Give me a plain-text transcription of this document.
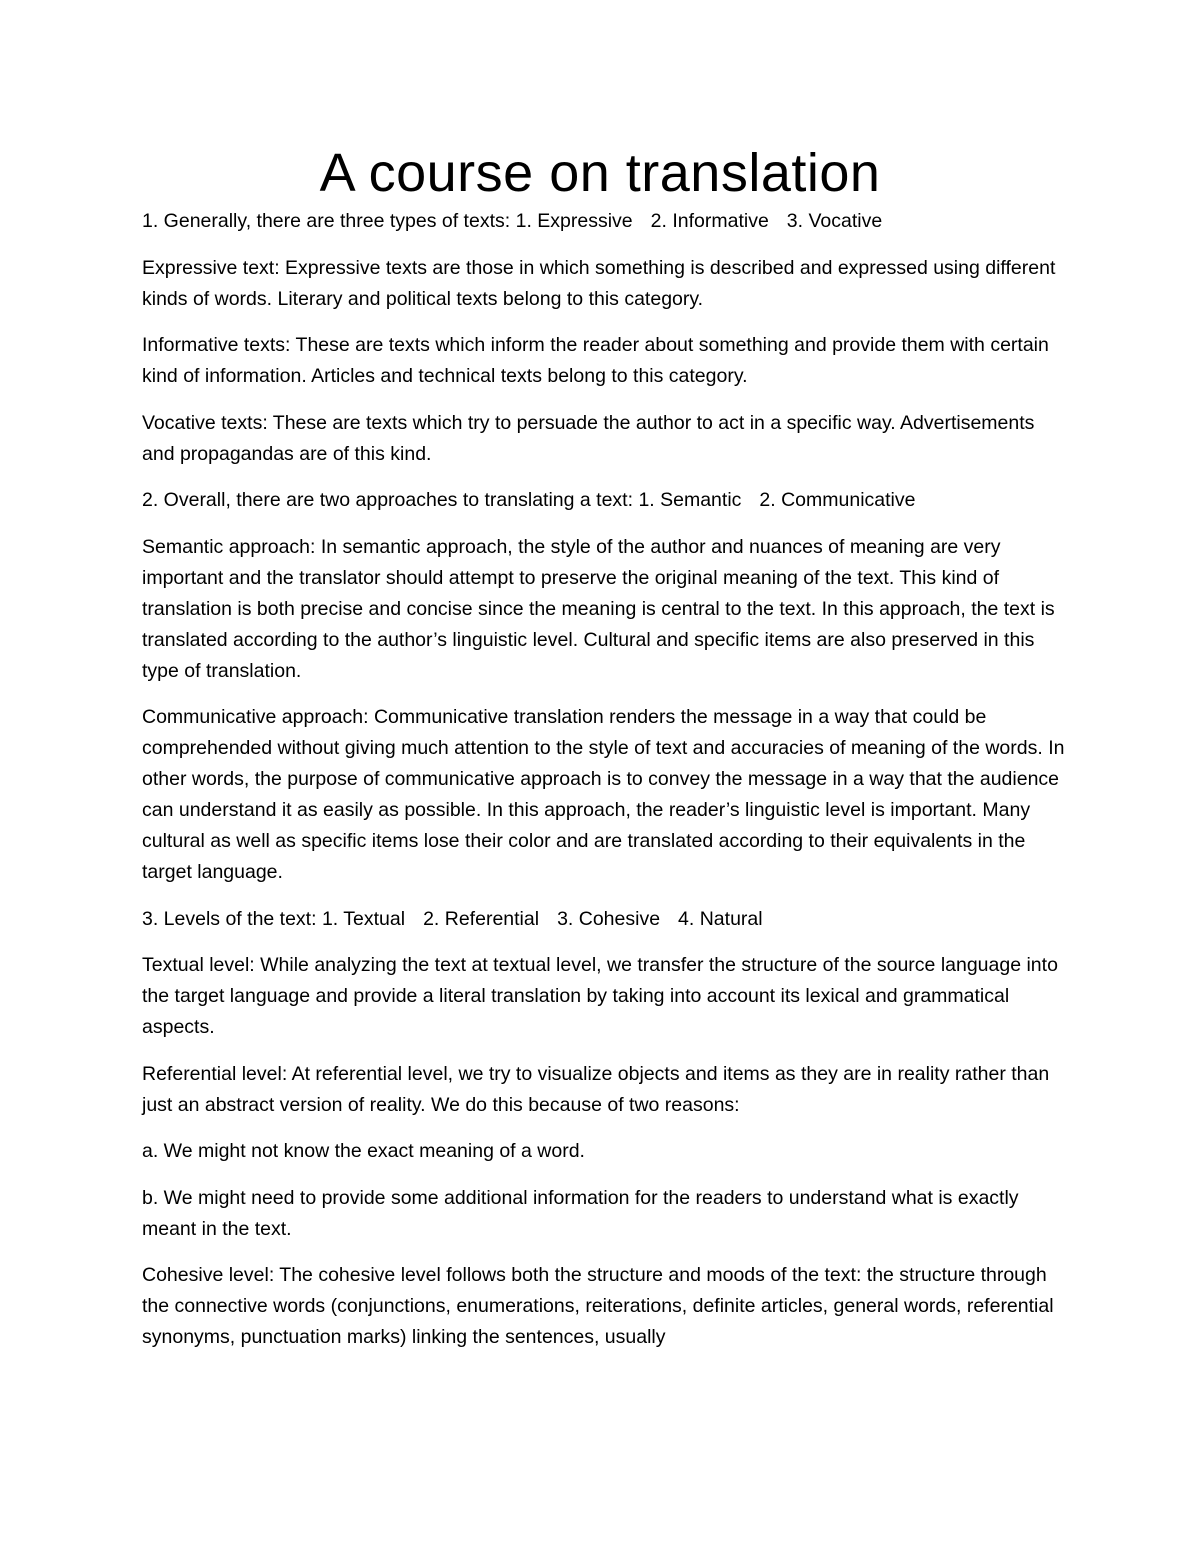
A course on translation

1. Generally, there are three types of texts: 1. Expressive 2. Informative 3. Vocative

Expressive text: Expressive texts are those in which something is described and expressed using different kinds of words. Literary and political texts belong to this category.

Informative texts: These are texts which inform the reader about something and provide them with certain kind of information. Articles and technical texts belong to this category.

Vocative texts: These are texts which try to persuade the author to act in a specific way. Advertisements and propagandas are of this kind.

2. Overall, there are two approaches to translating a text: 1. Semantic 2. Communicative

Semantic approach: In semantic approach, the style of the author and nuances of meaning are very important and the translator should attempt to preserve the original meaning of the text. This kind of translation is both precise and concise since the meaning is central to the text. In this approach, the text is translated according to the author’s linguistic level. Cultural and specific items are also preserved in this type of translation.

Communicative approach: Communicative translation renders the message in a way that could be comprehended without giving much attention to the style of text and accuracies of meaning of the words. In other words, the purpose of communicative approach is to convey the message in a way that the audience can understand it as easily as possible. In this approach, the reader’s linguistic level is important. Many cultural as well as specific items lose their color and are translated according to their equivalents in the target language.

3. Levels of the text: 1. Textual 2. Referential 3. Cohesive 4. Natural

Textual level: While analyzing the text at textual level, we transfer the structure of the source language into the target language and provide a literal translation by taking into account its lexical and grammatical aspects.

Referential level: At referential level, we try to visualize objects and items as they are in reality rather than just an abstract version of reality. We do this because of two reasons:

a. We might not know the exact meaning of a word.

b. We might need to provide some additional information for the readers to understand what is exactly meant in the text.

Cohesive level: The cohesive level follows both the structure and moods of the text: the structure through the connective words (conjunctions, enumerations, reiterations, definite articles, general words, referential synonyms, punctuation marks) linking the sentences, usually
